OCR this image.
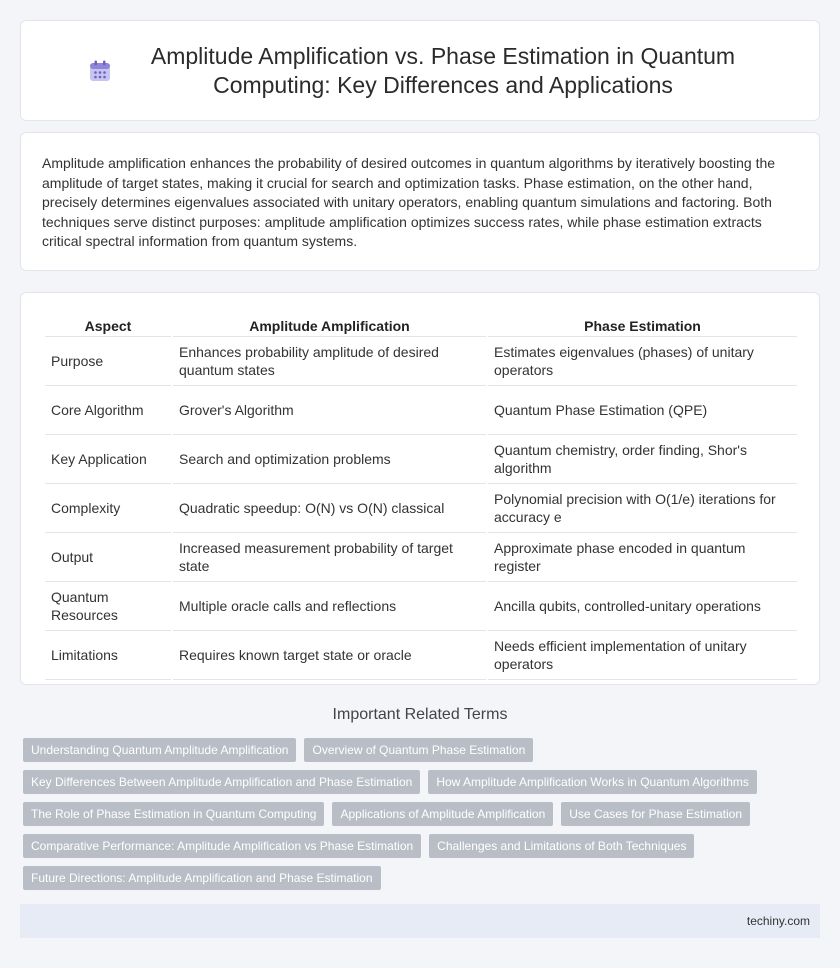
Amplitude Amplification vs. Phase Estimation in Quantum Computing: Key Differences and Applications

Amplitude amplification enhances the probability of desired outcomes in quantum algorithms by iteratively boosting the amplitude of target states, making it crucial for search and optimization tasks. Phase estimation, on the other hand, precisely determines eigenvalues associated with unitary operators, enabling quantum simulations and factoring. Both techniques serve distinct purposes: amplitude amplification optimizes success rates, while phase estimation extracts critical spectral information from quantum systems.

Aspect	Amplitude Amplification	Phase Estimation
Purpose	Enhances probability amplitude of desired quantum states	Estimates eigenvalues (phases) of unitary operators
Core Algorithm	Grover's Algorithm	Quantum Phase Estimation (QPE)
Key Application	Search and optimization problems	Quantum chemistry, order finding, Shor's algorithm
Complexity	Quadratic speedup: O(N) vs O(N) classical	Polynomial precision with O(1/e) iterations for accuracy e
Output	Increased measurement probability of target state	Approximate phase encoded in quantum register
Quantum Resources	Multiple oracle calls and reflections	Ancilla qubits, controlled-unitary operations
Limitations	Requires known target state or oracle	Needs efficient implementation of unitary operators
Important Related Terms
Understanding Quantum Amplitude Amplification	Overview of Quantum Phase Estimation
Key Differences Between Amplitude Amplification and Phase Estimation	How Amplitude Amplification Works in Quantum Algorithms
The Role of Phase Estimation in Quantum Computing	Applications of Amplitude Amplification	Use Cases for Phase Estimation
Comparative Performance: Amplitude Amplification vs Phase Estimation	Challenges and Limitations of Both Techniques
Future Directions: Amplitude Amplification and Phase Estimation
techiny.com
